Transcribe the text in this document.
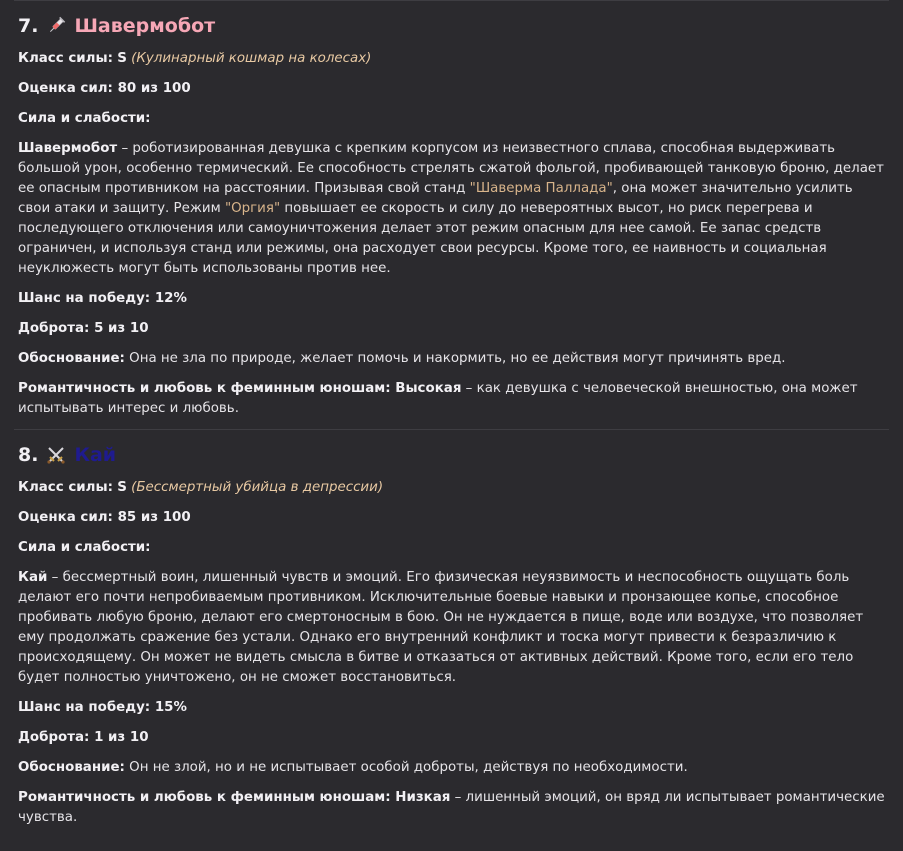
7. Шавермобот

Класс силы: S (Кулинарный кошмар на колесах)

Оценка сил: 80 из 100

Сила и слабости:

Шавермобот – роботизированная девушка с крепким корпусом из неизвестного сплава, способная выдерживать большой урон, особенно термический. Ее способность стрелять сжатой фольгой, пробивающей танковую броню, делает ее опасным противником на расстоянии. Призывая свой станд "Шаверма Паллада", она может значительно усилить свои атаки и защиту. Режим "Оргия" повышает ее скорость и силу до невероятных высот, но риск перегрева и последующего отключения или самоуничтожения делает этот режим опасным для нее самой. Ее запас средств ограничен, и используя станд или режимы, она расходует свои ресурсы. Кроме того, ее наивность и социальная неуклюжесть могут быть использованы против нее.

Шанс на победу: 12%

Доброта: 5 из 10

Обоснование: Она не зла по природе, желает помочь и накормить, но ее действия могут причинять вред.

Романтичность и любовь к феминным юношам: Высокая – как девушка с человеческой внешностью, она может испытывать интерес и любовь.

8. Кай

Класс силы: S (Бессмертный убийца в депрессии)

Оценка сил: 85 из 100

Сила и слабости:

Кай – бессмертный воин, лишенный чувств и эмоций. Его физическая неуязвимость и неспособность ощущать боль делают его почти непробиваемым противником. Исключительные боевые навыки и пронзающее копье, способное пробивать любую броню, делают его смертоносным в бою. Он не нуждается в пище, воде или воздухе, что позволяет ему продолжать сражение без устали. Однако его внутренний конфликт и тоска могут привести к безразличию к происходящему. Он может не видеть смысла в битве и отказаться от активных действий. Кроме того, если его тело будет полностью уничтожено, он не сможет восстановиться.

Шанс на победу: 15%

Доброта: 1 из 10

Обоснование: Он не злой, но и не испытывает особой доброты, действуя по необходимости.

Романтичность и любовь к феминным юношам: Низкая – лишенный эмоций, он вряд ли испытывает романтические чувства.
